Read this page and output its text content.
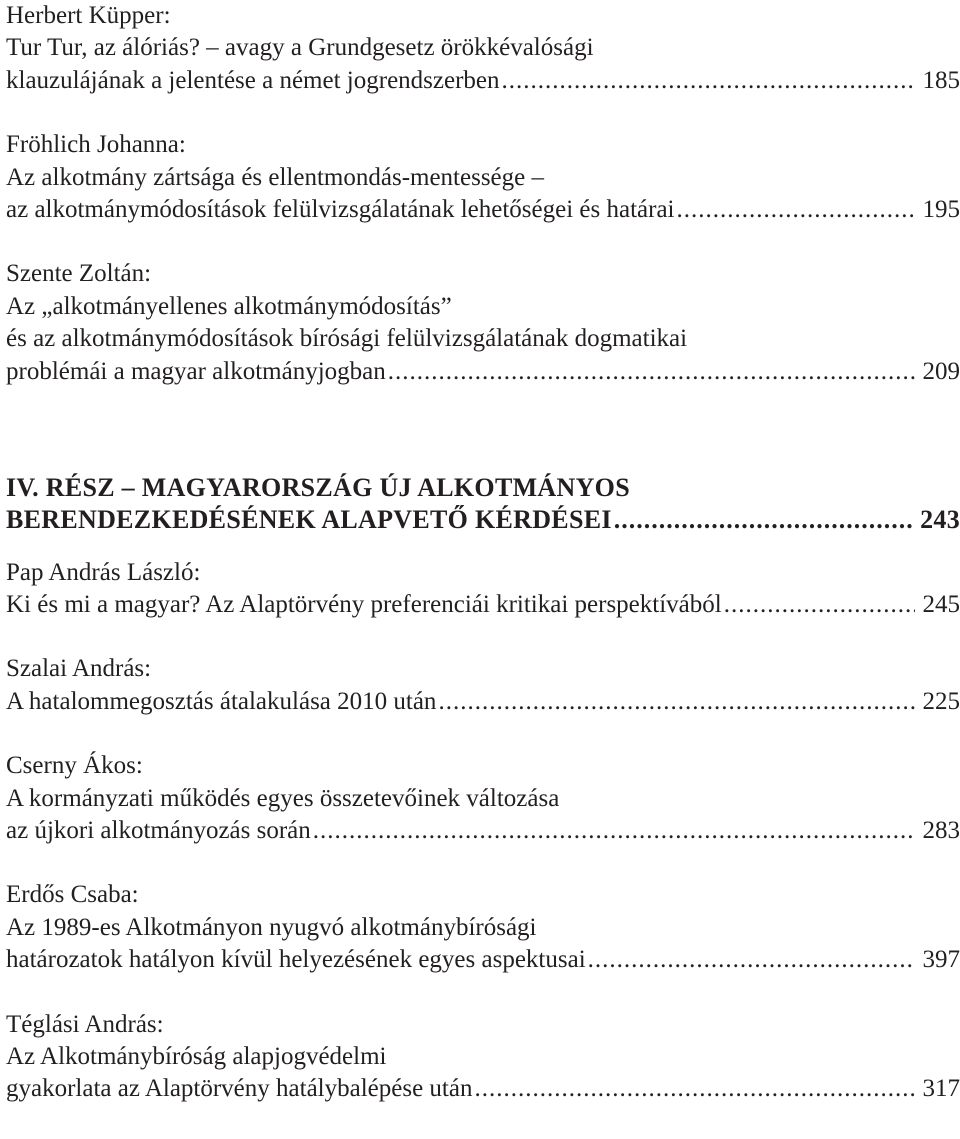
Herbert Küpper:
Tur Tur, az álóriás? – avagy a Grundgesetz örökkévalósági
klauzulájának a jelentése a német jogrendszerben .....	185
Fröhlich Johanna:
Az alkotmány zártsága és ellentmondás-mentessége –
az alkotmánymódosítások felülvizsgálatának lehetőségei és határai .....	195
Szente Zoltán:
Az „alkotmányellenes alkotmánymódosítás”
és az alkotmánymódosítások bírósági felülvizsgálatának dogmatikai
problémái a magyar alkotmányjogban .....	209
IV. RÉSZ – MAGYARORSZÁG ÚJ ALKOTMÁNYOS
BERENDEZKEDÉSÉNEK ALAPVETŐ KÉRDÉSEI .....	243
Pap András László:
Ki és mi a magyar? Az Alaptörvény preferenciái kritikai perspektívából .....	245
Szalai András:
A hatalommegosztás átalakulása 2010 után .....	225
Cserny Ákos:
A kormányzati működés egyes összetevőinek változása
az újkori alkotmányozás során .....	283
Erdős Csaba:
Az 1989-es Alkotmányon nyugvó alkotmánybírósági
határozatok hatályon kívül helyezésének egyes aspektusai .....	397
Téglási András:
Az Alkotmánybíróság alapjogvédelmi
gyakorlata az Alaptörvény hatálybalépése után .....	317
